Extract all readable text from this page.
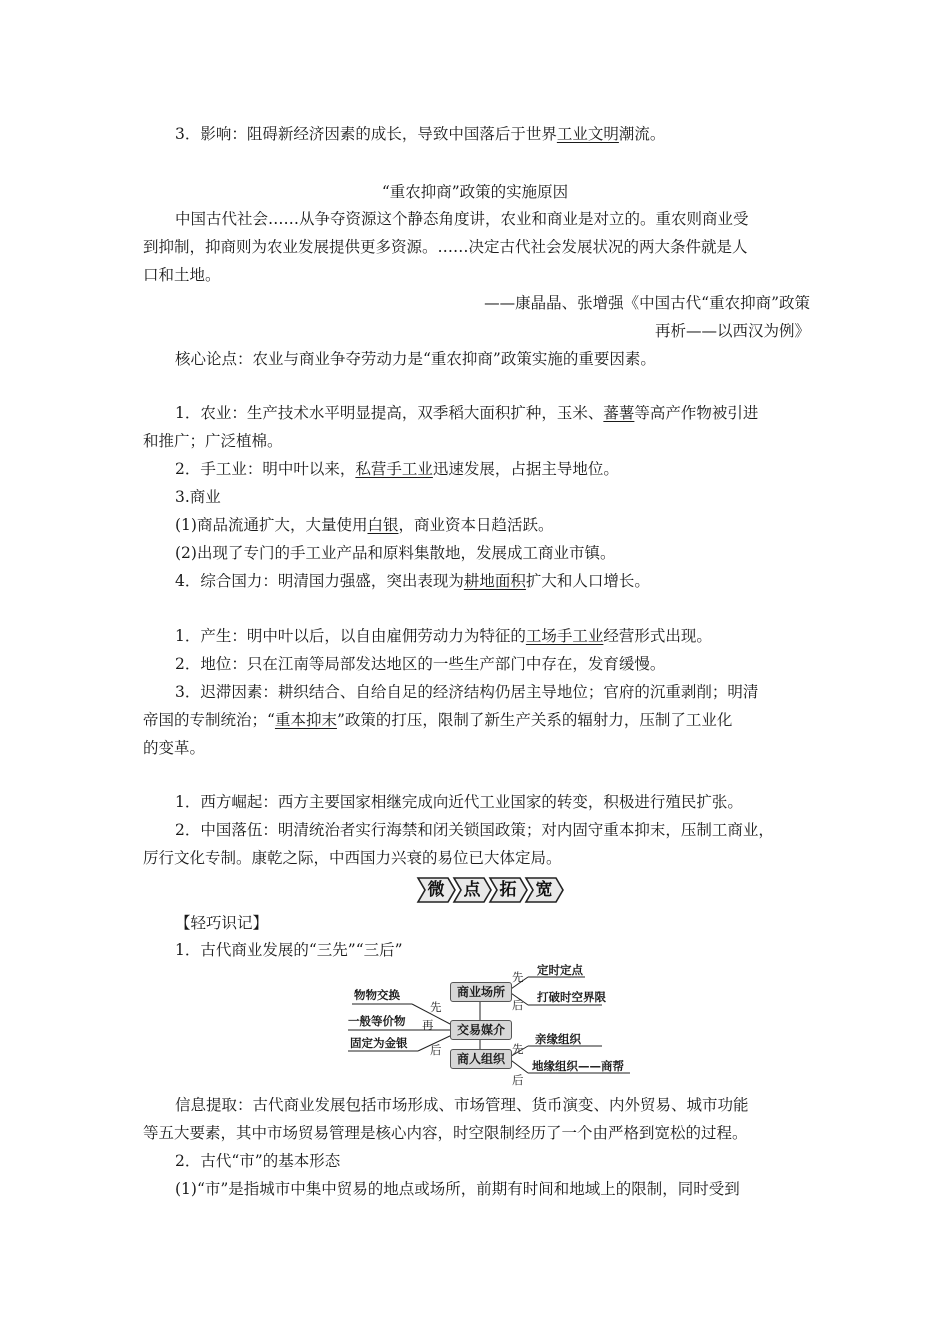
3．影响：阻碍新经济因素的成长，导致中国落后于世界工业文明潮流。
“重农抑商”政策的实施原因
中国古代社会……从争夺资源这个静态角度讲，农业和商业是对立的。重农则商业受
到抑制，抑商则为农业发展提供更多资源。……决定古代社会发展状况的两大条件就是人
口和土地。
——康晶晶、张增强《中国古代“重农抑商”政策
再析——以西汉为例》
核心论点：农业与商业争夺劳动力是“重农抑商”政策实施的重要因素。
1．农业：生产技术水平明显提高，双季稻大面积扩种，玉米、蕃薯等高产作物被引进
和推广；广泛植棉。
2．手工业：明中叶以来，私营手工业迅速发展，占据主导地位。
3.商业
(1)商品流通扩大，大量使用白银，商业资本日趋活跃。
(2)出现了专门的手工业产品和原料集散地，发展成工商业市镇。
4．综合国力：明清国力强盛，突出表现为耕地面积扩大和人口增长。
1．产生：明中叶以后，以自由雇佣劳动力为特征的工场手工业经营形式出现。
2．地位：只在江南等局部发达地区的一些生产部门中存在，发育缓慢。
3．迟滞因素：耕织结合、自给自足的经济结构仍居主导地位；官府的沉重剥削；明清
帝国的专制统治；“重本抑末”政策的打压，限制了新生产关系的辐射力，压制了工业化
的变革。
1．西方崛起：西方主要国家相继完成向近代工业国家的转变，积极进行殖民扩张。
2．中国落伍：明清统治者实行海禁和闭关锁国政策；对内固守重本抑末，压制工商业，
厉行文化专制。康乾之际，中西国力兴衰的易位已大体定局。
微	点	拓	宽
【轻巧识记】
1．古代商业发展的“三先”“三后”
商业场所
交易媒介
商人组织
物物交换
一般等价物
固定为金银
先
再
后
先 定时定点
后
打破时空界限
先
亲缘组织
后
地缘组织——商帮
信息提取：古代商业发展包括市场形成、市场管理、货币演变、内外贸易、城市功能
等五大要素，其中市场贸易管理是核心内容，时空限制经历了一个由严格到宽松的过程。
2．古代“市”的基本形态
(1)“市”是指城市中集中贸易的地点或场所，前期有时间和地域上的限制，同时受到
